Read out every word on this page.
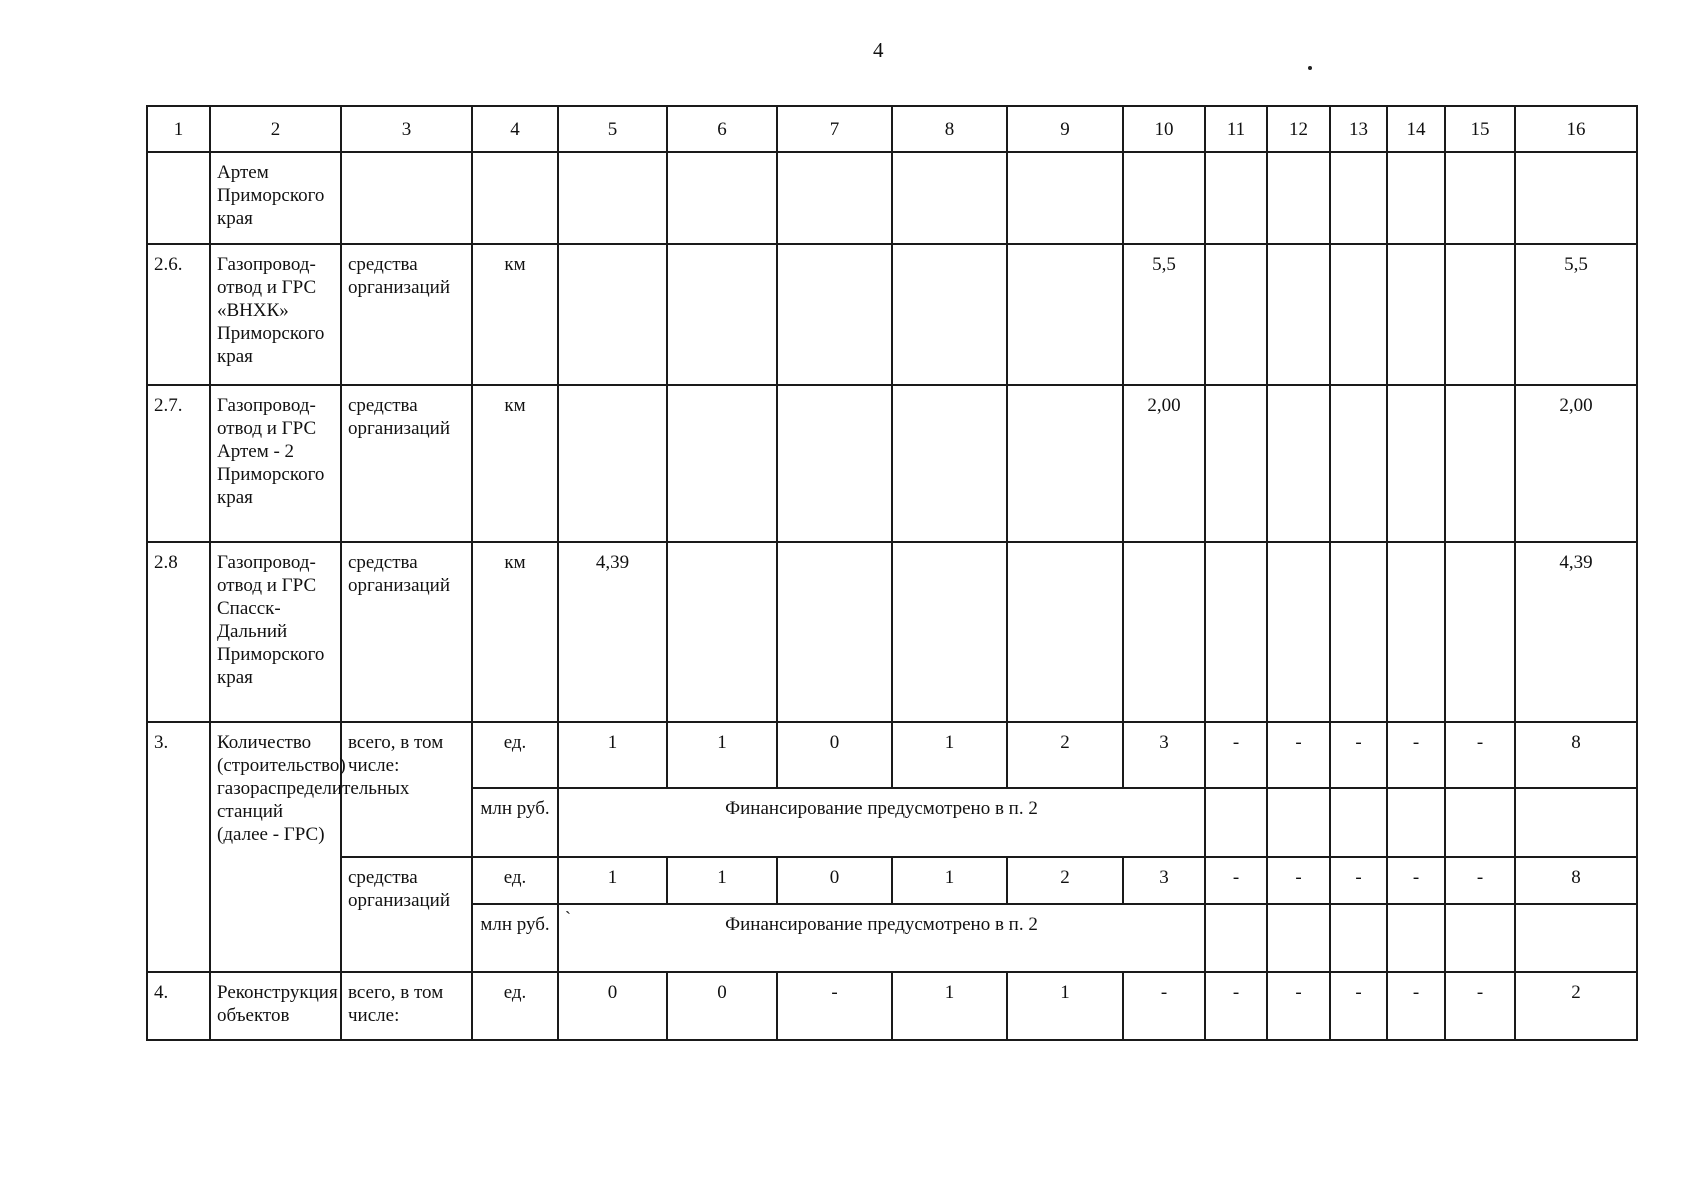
4
1	2	3	4	5	6	7	8	9	10	11	12	13	14	15	16
	Артем Приморского края														
2.6.	Газопровод-отвод и ГРС «ВНХК» Приморского края	средства организаций	км						5,5						5,5
2.7.	Газопровод-отвод и ГРС Артем - 2 Приморского края	средства организаций	км						2,00						2,00
2.8	Газопровод-отвод и ГРС Спасск-Дальний Приморского края	средства организаций	км	4,39											4,39
3.	Количество (строительство) газораспределительных станций (далее - ГРС)	всего, в том числе:	ед.	1	1	0	1	2	3	-	-	-	-	-	8
			млн руб.	Финансирование предусмотрено в п. 2											
		средства организаций	ед.	1	1	0	1	2	3	-	-	-	-	-	8
			млн руб.	` Финансирование предусмотрено в п. 2											
4.	Реконструкция объектов	всего, в том числе:	ед.	0	0	-	1	1	-	-	-	-	-	-	2
